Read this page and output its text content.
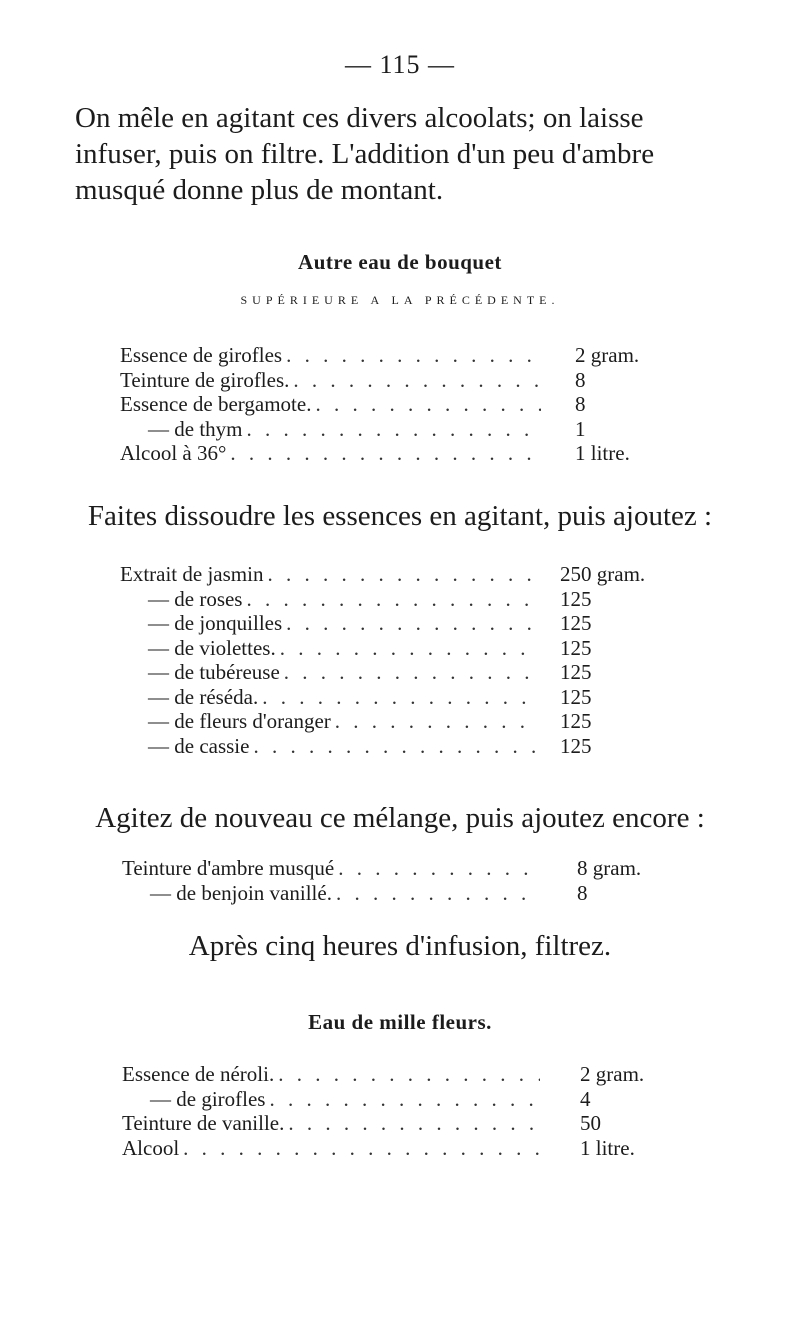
— 115 —
On mêle en agitant ces divers alcoolats; on laisse
infuser, puis on filtre. L'addition d'un peu d'ambre
musqué donne plus de montant.
Autre eau de bouquet
SUPÉRIEURE A LA PRÉCÉDENTE.
Essence de girofles . . .	2 gram.
Teinture de girofles. . . .	8
Essence de bergamote. . . .	8
— de thym . . .	1
Alcool à 36° . . .	1 litre.

Faites dissoudre les essences en agitant, puis ajoutez :

Extrait de jasmin . . .	250 gram.
— de roses . . .	125
— de jonquilles . . .	125
— de violettes. . . .	125
— de tubéreuse . . .	125
— de réséda. . . .	125
— de fleurs d'oranger . . .	125
— de cassie . . .	125

Agitez de nouveau ce mélange, puis ajoutez encore :

Teinture d'ambre musqué . . .	8 gram.
— de benjoin vanillé. . . .	8

Après cinq heures d'infusion, filtrez.

Eau de mille fleurs.
Essence de néroli. . . .	2 gram.
— de girofles . . .	4
Teinture de vanille. . . .	50
Alcool . . .	1 litre.
